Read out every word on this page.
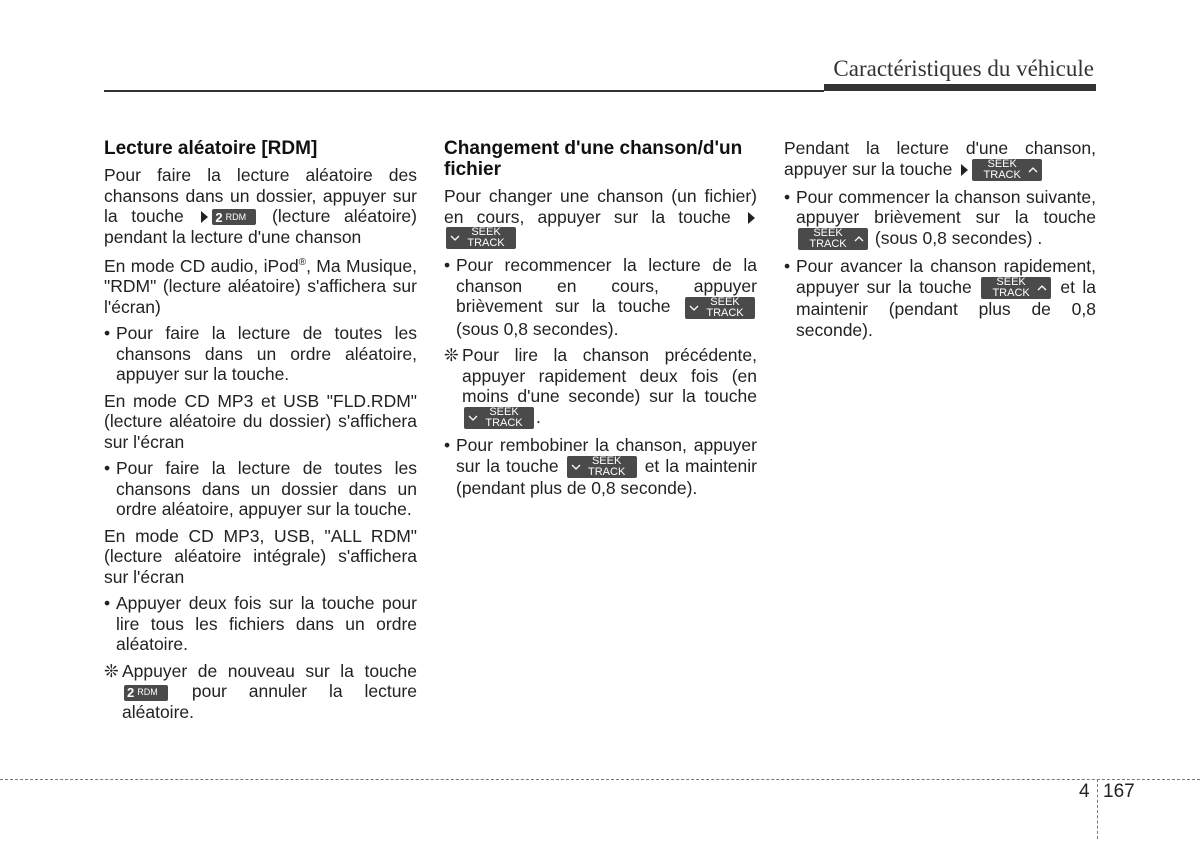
Caractéristiques du véhicule
Lecture aléatoire [RDM]

Pour faire la lecture aléatoire des chansons dans un dossier, appuyer sur la touche 2 RDM (lecture aléatoire) pendant la lecture d'une chanson

En mode CD audio, iPod®, Ma Musique, "RDM" (lecture aléatoire) s'affichera sur l'écran)

• Pour faire la lecture de toutes les chansons dans un ordre aléatoire, appuyer sur la touche.

En mode CD MP3 et USB "FLD.RDM" (lecture aléatoire du dossier) s'affichera sur l'écran

• Pour faire la lecture de toutes les chansons dans un dossier dans un ordre aléatoire, appuyer sur la touche.

En mode CD MP3, USB, "ALL RDM" (lecture aléatoire intégrale) s'affichera sur l'écran

• Appuyer deux fois sur la touche pour lire tous les fichiers dans un ordre aléatoire.
❊ Appuyer de nouveau sur la touche
2 RDM pour annuler la lecture aléatoire.
Changement d'une chanson/d'un fichier

Pour changer une chanson (un fichier) en cours, appuyer sur la touche
SEEK
TRACK

• Pour recommencer la lecture de la chanson en cours, appuyer brièvement sur la touche	SEEK
TRACK
(sous 0,8 secondes).
❊ Pour lire la chanson précédente, appuyer rapidement deux fois (en moins d'une seconde) sur la touche
SEEK
TRACK .
• Pour rembobiner la chanson, appuyer sur la touche	SEEK
TRACK et la maintenir (pendant plus de 0,8 seconde).

Pendant la lecture d'une chanson, appuyer sur la touche	SEEK
TRACK

• Pour commencer la chanson suivante, appuyer brièvement sur la touche
SEEK
TRACK (sous 0,8 secondes) .
• Pour avancer la chanson rapidement, appuyer sur la touche SEEK
TRACK et la maintenir (pendant plus de 0,8 seconde).
4 167
